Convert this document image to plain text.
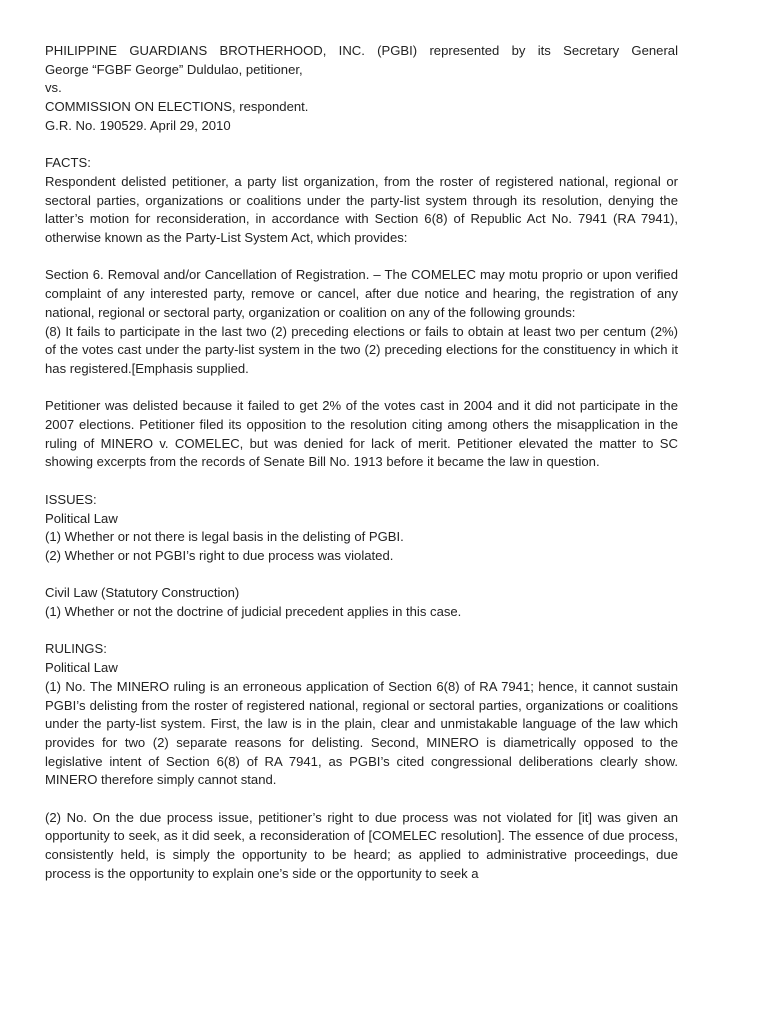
PHILIPPINE GUARDIANS BROTHERHOOD, INC. (PGBI) represented by its Secretary General
George “FGBF George” Duldulao, petitioner,
vs.
COMMISSION ON ELECTIONS, respondent.
G.R. No. 190529. April 29, 2010
FACTS:

Respondent delisted petitioner, a party list organization, from the roster of registered national, regional or sectoral parties, organizations or coalitions under the party-list system through its resolution, denying the latter’s motion for reconsideration, in accordance with Section 6(8) of Republic Act No. 7941 (RA 7941), otherwise known as the Party-List System Act, which provides:

Section 6. Removal and/or Cancellation of Registration. – The COMELEC may motu proprio or upon verified complaint of any interested party, remove or cancel, after due notice and hearing, the registration of any national, regional or sectoral party, organization or coalition on any of the following grounds:

(8) It fails to participate in the last two (2) preceding elections or fails to obtain at least two per centum (2%) of the votes cast under the party-list system in the two (2) preceding elections for the constituency in which it has registered.[Emphasis supplied.

Petitioner was delisted because it failed to get 2% of the votes cast in 2004 and it did not participate in the 2007 elections. Petitioner filed its opposition to the resolution citing among others the misapplication in the ruling of MINERO v. COMELEC, but was denied for lack of merit. Petitioner elevated the matter to SC showing excerpts from the records of Senate Bill No. 1913 before it became the law in question.

ISSUES:
Political Law
(1) Whether or not there is legal basis in the delisting of PGBI.
(2) Whether or not PGBI’s right to due process was violated.
Civil Law (Statutory Construction)
(1) Whether or not the doctrine of judicial precedent applies in this case.
RULINGS:
Political Law

(1) No. The MINERO ruling is an erroneous application of Section 6(8) of RA 7941; hence, it cannot sustain PGBI’s delisting from the roster of registered national, regional or sectoral parties, organizations or coalitions under the party-list system. First, the law is in the plain, clear and unmistakable language of the law which provides for two (2) separate reasons for delisting. Second, MINERO is diametrically opposed to the legislative intent of Section 6(8) of RA 7941, as PGBI’s cited congressional deliberations clearly show. MINERO therefore simply cannot stand.

(2) No. On the due process issue, petitioner’s right to due process was not violated for [it] was given an opportunity to seek, as it did seek, a reconsideration of [COMELEC resolution]. The essence of due process, consistently held, is simply the opportunity to be heard; as applied to administrative proceedings, due process is the opportunity to explain one’s side or the opportunity to seek a
